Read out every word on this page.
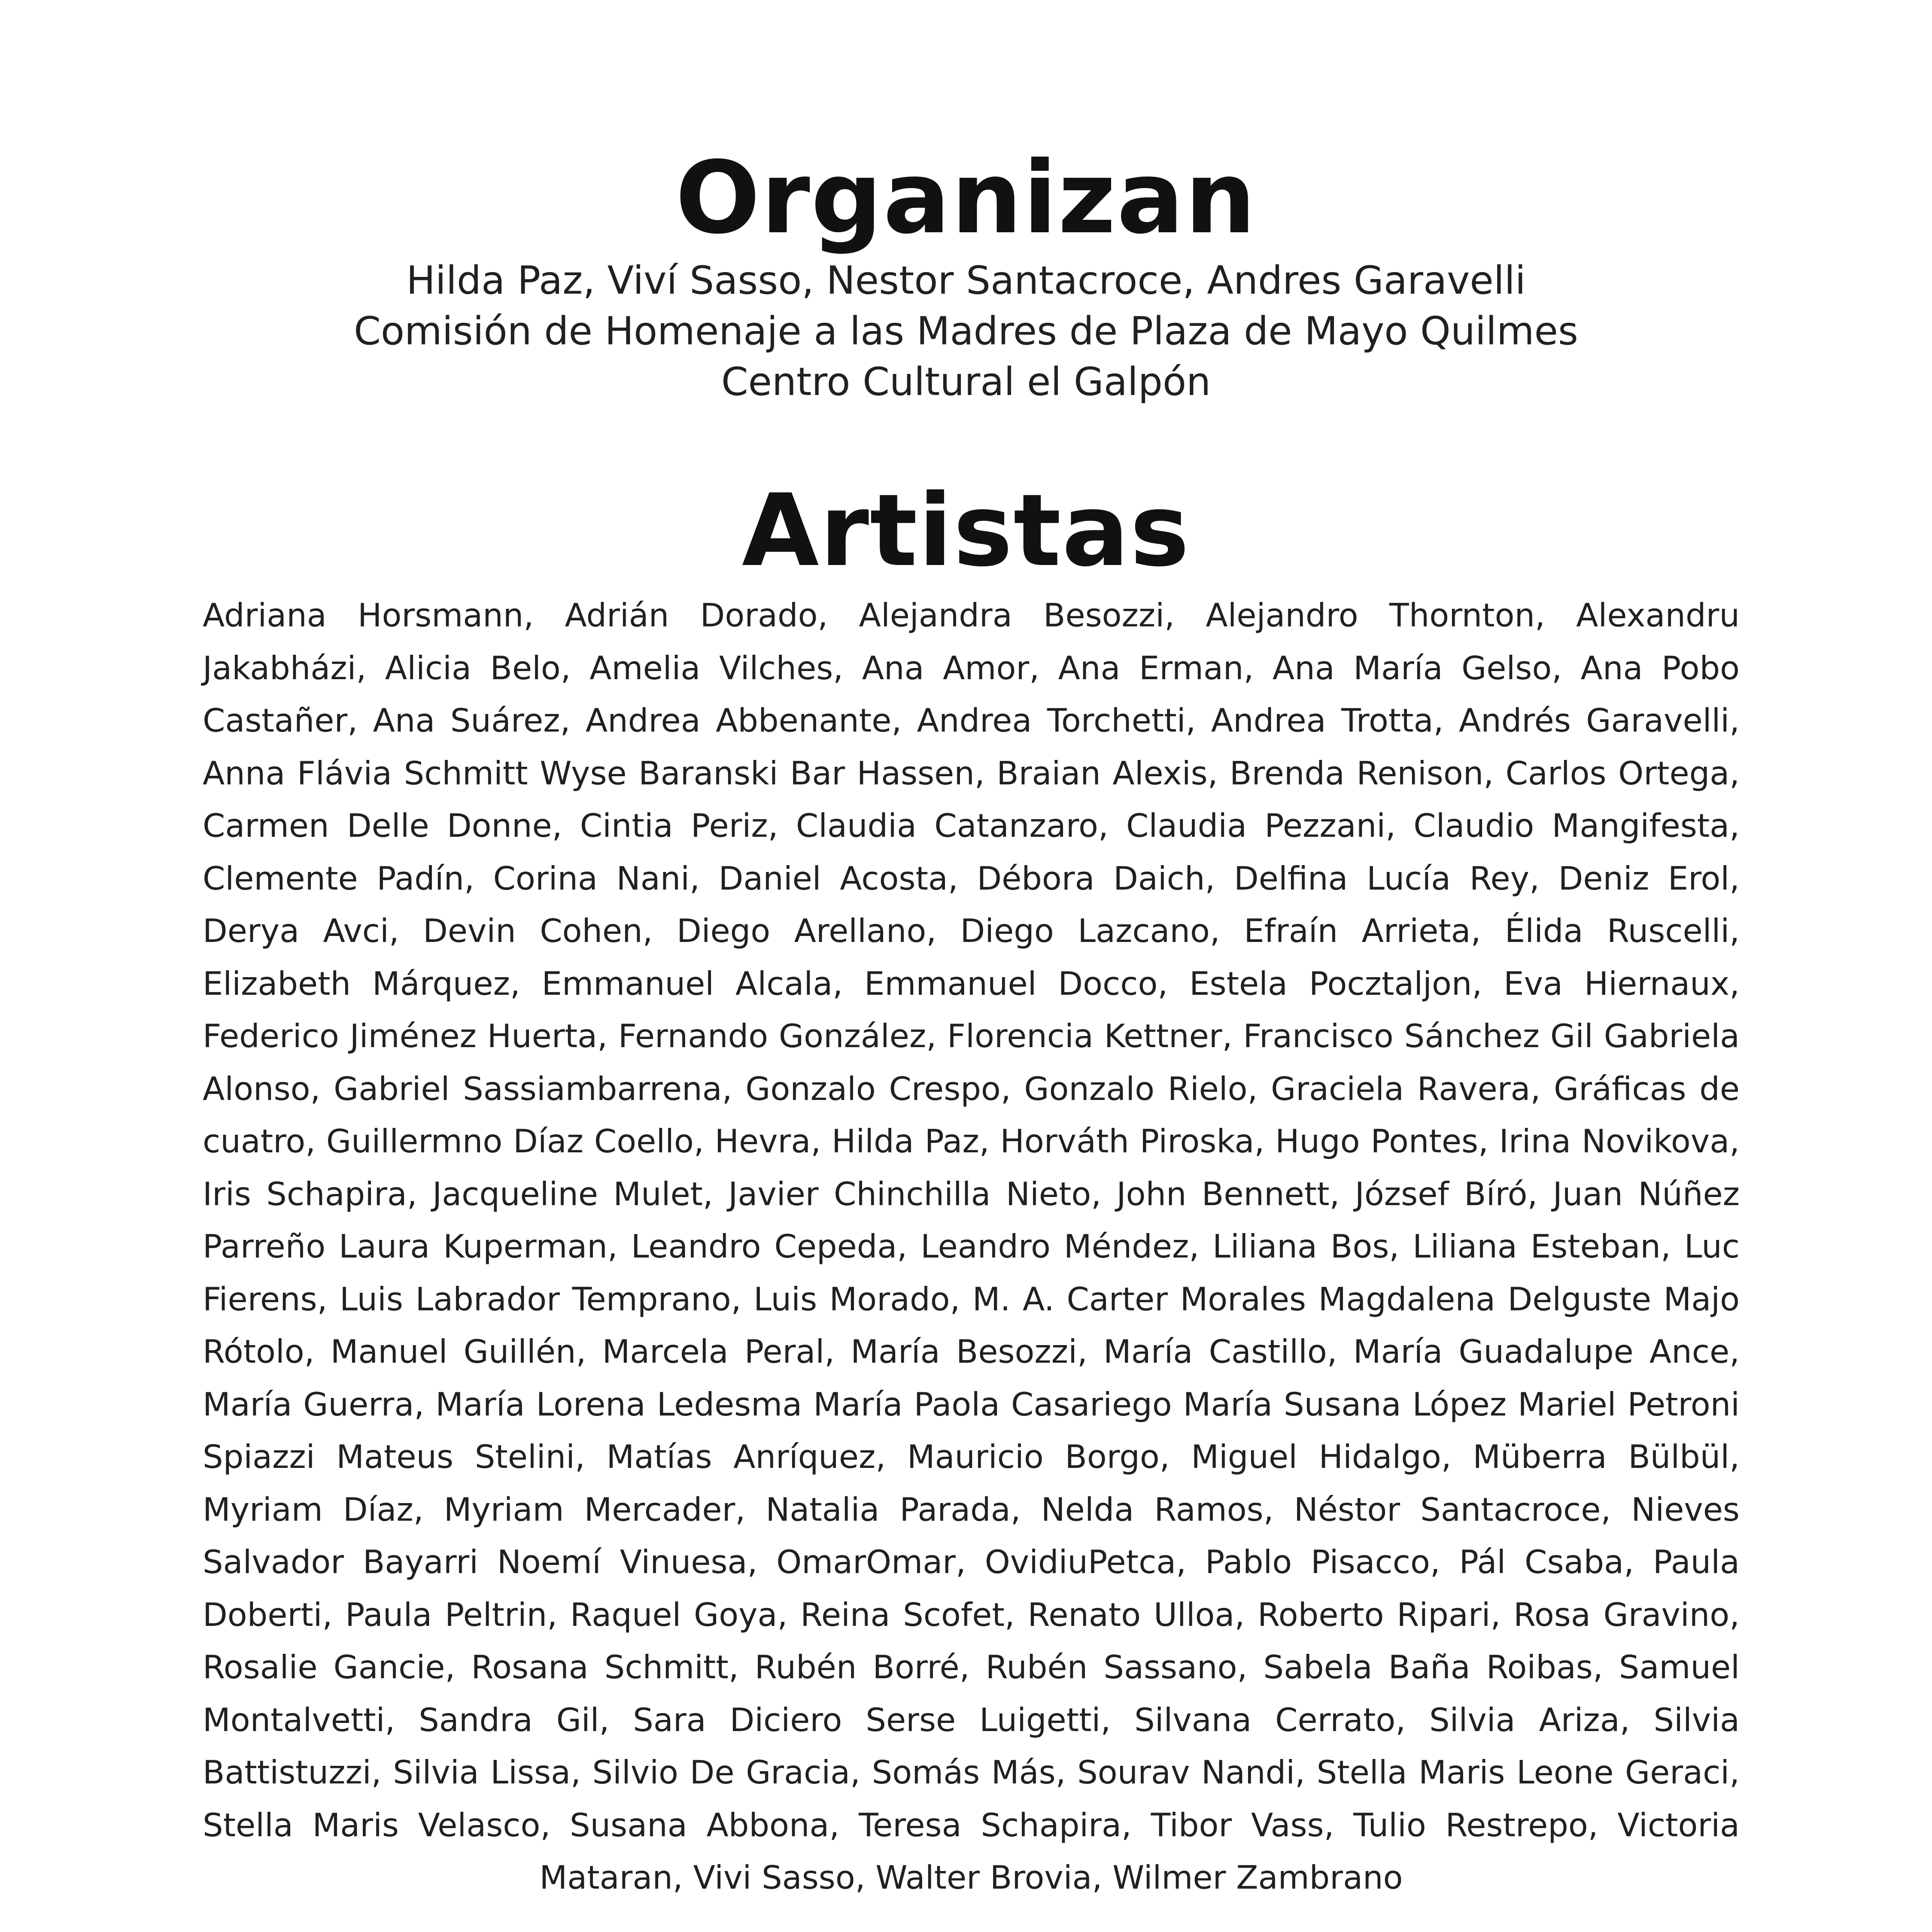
Organizan
Hilda Paz, Viví Sasso, Nestor Santacroce, Andres Garavelli
Comisión de Homenaje a las Madres de Plaza de Mayo Quilmes
Centro Cultural el Galpón
Artistas

Adriana Horsmann, Adrián Dorado, Alejandra Besozzi, Alejandro Thornton, Alexandru Jakabházi, Alicia Belo, Amelia Vilches, Ana Amor, Ana Erman, Ana María Gelso, Ana Pobo Castañer, Ana Suárez, Andrea Abbenante, Andrea Torchetti, Andrea Trotta, Andrés Garavelli, Anna Flávia Schmitt Wyse Baranski Bar Hassen, Braian Alexis, Brenda Renison, Carlos Ortega, Carmen Delle Donne, Cintia Periz, Claudia Catanzaro, Claudia Pezzani, Claudio Mangifesta, Clemente Padín, Corina Nani, Daniel Acosta, Débora Daich, Delfina Lucía Rey, Deniz Erol, Derya Avci, Devin Cohen, Diego Arellano, Diego Lazcano, Efraín Arrieta, Élida Ruscelli, Elizabeth Márquez, Emmanuel Alcala, Emmanuel Docco, Estela Pocztaljon, Eva Hiernaux, Federico Jiménez Huerta, Fernando González, Florencia Kettner, Francisco Sánchez Gil Gabriela Alonso, Gabriel Sassiambarrena, Gonzalo Crespo, Gonzalo Rielo, Graciela Ravera, Gráficas de cuatro, Guillermno Díaz Coello, Hevra, Hilda Paz, Horváth Piroska, Hugo Pontes, Irina Novikova, Iris Schapira, Jacqueline Mulet, Javier Chinchilla Nieto, John Bennett, József Bíró, Juan Núñez Parreño Laura Kuperman, Leandro Cepeda, Leandro Méndez, Liliana Bos, Liliana Esteban, Luc Fierens, Luis Labrador Temprano, Luis Morado, M. A. Carter Morales Magdalena Delguste Majo Rótolo, Manuel Guillén, Marcela Peral, María Besozzi, María Castillo, María Guadalupe Ance, María Guerra, María Lorena Ledesma María Paola Casariego María Susana López Mariel Petroni Spiazzi Mateus Stelini, Matías Anríquez, Mauricio Borgo, Miguel Hidalgo, Müberra Bülbül, Myriam Díaz, Myriam Mercader, Natalia Parada, Nelda Ramos, Néstor Santacroce, Nieves Salvador Bayarri Noemí Vinuesa, OmarOmar, OvidiuPetca, Pablo Pisacco, Pál Csaba, Paula Doberti, Paula Peltrin, Raquel Goya, Reina Scofet, Renato Ulloa, Roberto Ripari, Rosa Gravino, Rosalie Gancie, Rosana Schmitt, Rubén Borré, Rubén Sassano, Sabela Baña Roibas, Samuel Montalvetti, Sandra Gil, Sara Diciero Serse Luigetti, Silvana Cerrato, Silvia Ariza, Silvia Battistuzzi, Silvia Lissa, Silvio De Gracia, Somás Más, Sourav Nandi, Stella Maris Leone Geraci, Stella Maris Velasco, Susana Abbona, Teresa Schapira, Tibor Vass, Tulio Restrepo, Victoria Mataran, Vivi Sasso, Walter Brovia, Wilmer Zambrano
